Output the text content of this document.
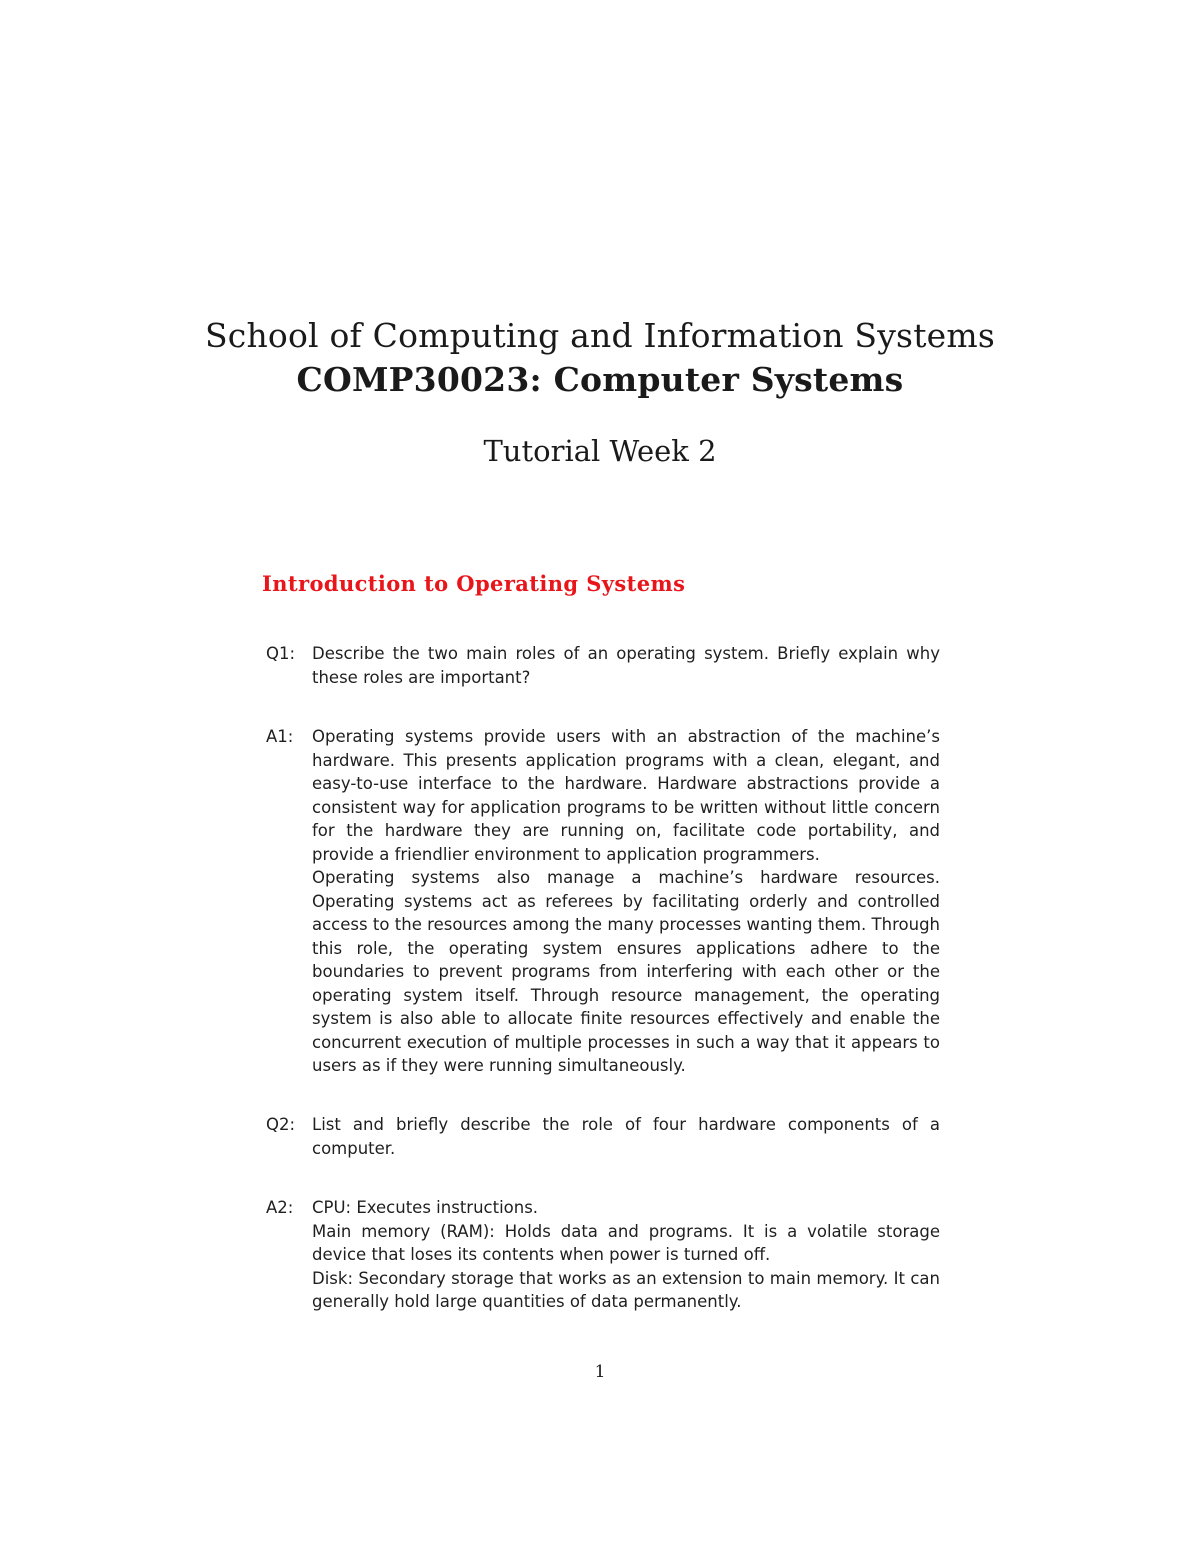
School of Computing and Information Systems
COMP30023: Computer Systems
Tutorial Week 2
Introduction to Operating Systems
Q1:	Describe the two main roles of an operating system. Briefly explain why these roles are important?

A1:	Operating systems provide users with an abstraction of the machine’s hardware. This presents application programs with a clean, elegant, and easy-to-use interface to the hardware. Hardware abstractions provide a consistent way for application programs to be written without little concern for the hardware they are running on, facilitate code portability, and provide a friendlier environment to application programmers.

Operating systems also manage a machine’s hardware resources. Operating systems act as referees by facilitating orderly and controlled access to the resources among the many processes wanting them. Through this role, the operating system ensures applications adhere to the boundaries to prevent programs from interfering with each other or the operating system itself. Through resource management, the operating system is also able to allocate finite resources effectively and enable the concurrent execution of multiple processes in such a way that it appears to users as if they were running simultaneously.

Q2:	List and briefly describe the role of four hardware components of a computer.

A2:	CPU: Executes instructions.

Main memory (RAM): Holds data and programs. It is a volatile storage device that loses its contents when power is turned off.

Disk: Secondary storage that works as an extension to main memory. It can generally hold large quantities of data permanently.

1
